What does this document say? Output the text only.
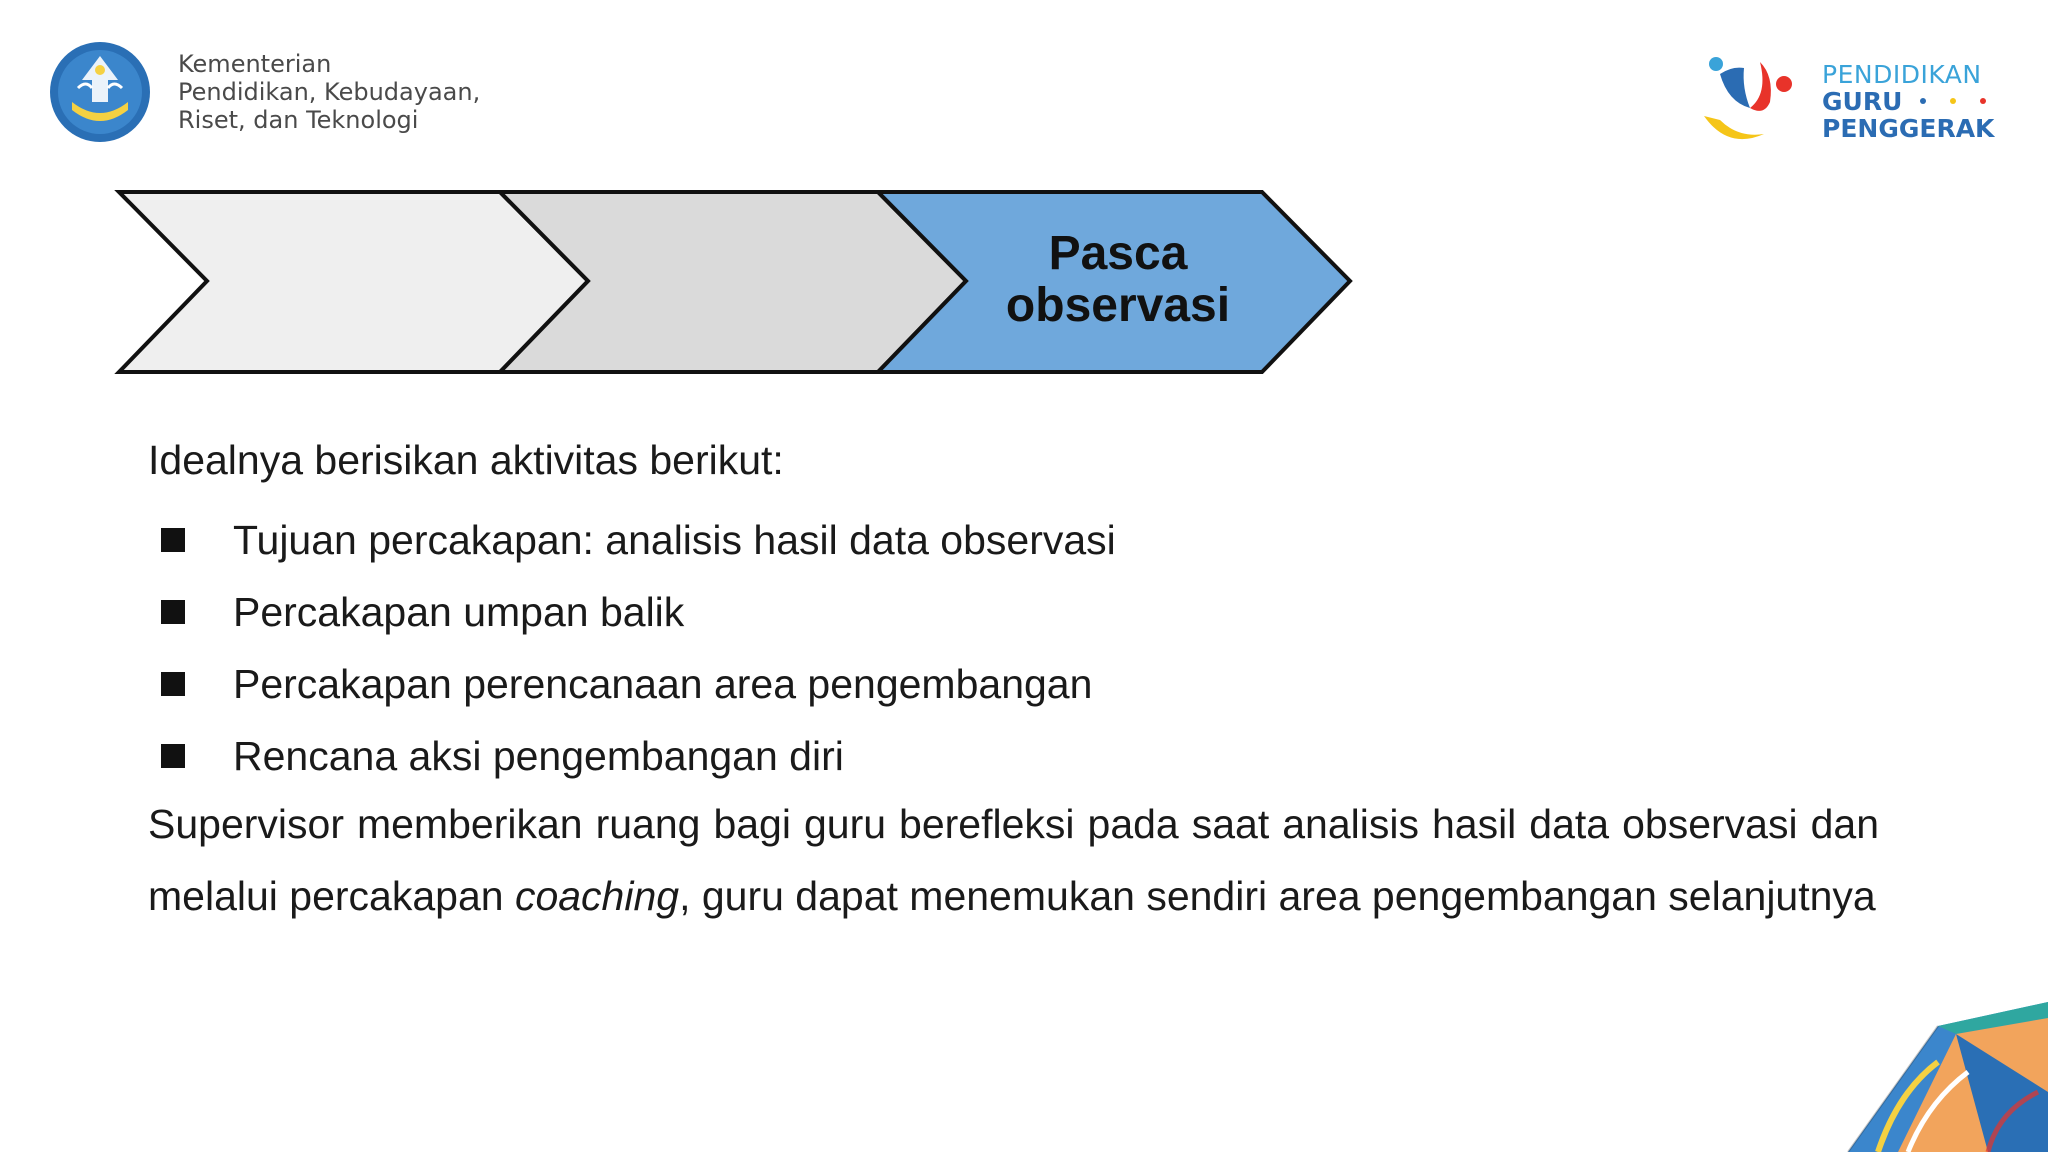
Kementerian
Pendidikan, Kebudayaan,
Riset, dan Teknologi
PENDIDIKAN
GURU
PENGGERAK
Pasca
observasi

Idealnya berisikan aktivitas berikut:

Tujuan percakapan: analisis hasil data observasi
Percakapan umpan balik
Percakapan perencanaan area pengembangan
Rencana aksi pengembangan diri

Supervisor memberikan ruang bagi guru berefleksi pada saat analisis hasil data observasi dan melalui percakapan coaching, guru dapat menemukan sendiri area pengembangan selanjutnya
